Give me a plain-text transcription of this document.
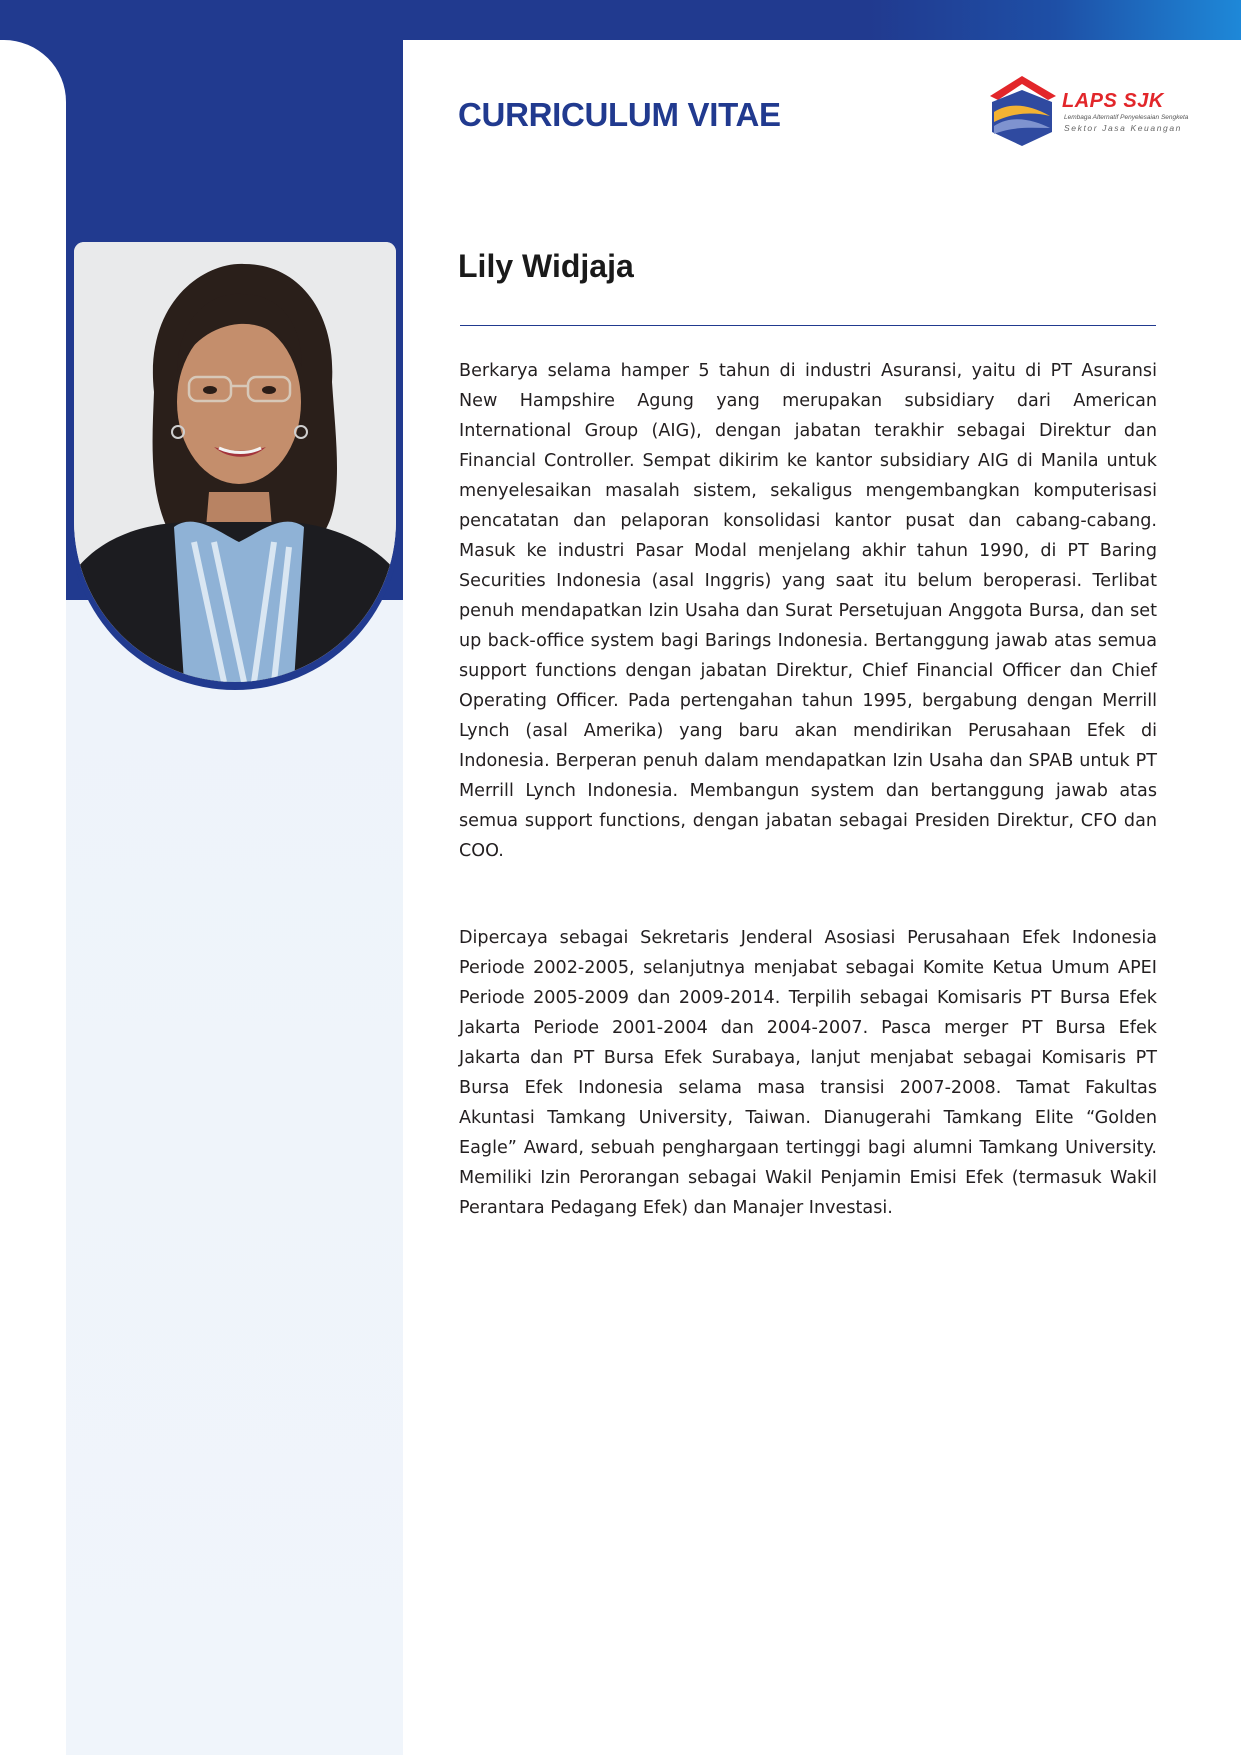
CURRICULUM VITAE	LAPS SJK

Lembaga Alternatif Penyelesaian Sengketa

Sektor Jasa Keuangan

Lily Widjaja

Berkarya selama hamper 5 tahun di industri Asuransi, yaitu di PT Asuransi New Hampshire Agung yang merupakan subsidiary dari American International Group (AIG), dengan jabatan terakhir sebagai Direktur dan Financial Controller. Sempat dikirim ke kantor subsidiary AIG di Manila untuk menyelesaikan masalah sistem, sekaligus mengembangkan komputerisasi pencatatan dan pelaporan konsolidasi kantor pusat dan cabang-cabang. Masuk ke industri Pasar Modal menjelang akhir tahun 1990, di PT Baring Securities Indonesia (asal Inggris) yang saat itu belum beroperasi. Terlibat penuh mendapatkan Izin Usaha dan Surat Persetujuan Anggota Bursa, dan set up back-office system bagi Barings Indonesia. Bertanggung jawab atas semua support functions dengan jabatan Direktur, Chief Financial Officer dan Chief Operating Officer. Pada pertengahan tahun 1995, bergabung dengan Merrill Lynch (asal Amerika) yang baru akan mendirikan Perusahaan Efek di Indonesia. Berperan penuh dalam mendapatkan Izin Usaha dan SPAB untuk PT Merrill Lynch Indonesia. Membangun system dan bertanggung jawab atas semua support functions, dengan jabatan sebagai Presiden Direktur, CFO dan COO.

Dipercaya sebagai Sekretaris Jenderal Asosiasi Perusahaan Efek Indonesia Periode 2002-2005, selanjutnya menjabat sebagai Komite Ketua Umum APEI Periode 2005-2009 dan 2009-2014. Terpilih sebagai Komisaris PT Bursa Efek Jakarta Periode 2001-2004 dan 2004-2007. Pasca merger PT Bursa Efek Jakarta dan PT Bursa Efek Surabaya, lanjut menjabat sebagai Komisaris PT Bursa Efek Indonesia selama masa transisi 2007-2008. Tamat Fakultas Akuntasi Tamkang University, Taiwan. Dianugerahi Tamkang Elite “Golden Eagle” Award, sebuah penghargaan tertinggi bagi alumni Tamkang University. Memiliki Izin Perorangan sebagai Wakil Penjamin Emisi Efek (termasuk Wakil Perantara Pedagang Efek) dan Manajer Investasi.
